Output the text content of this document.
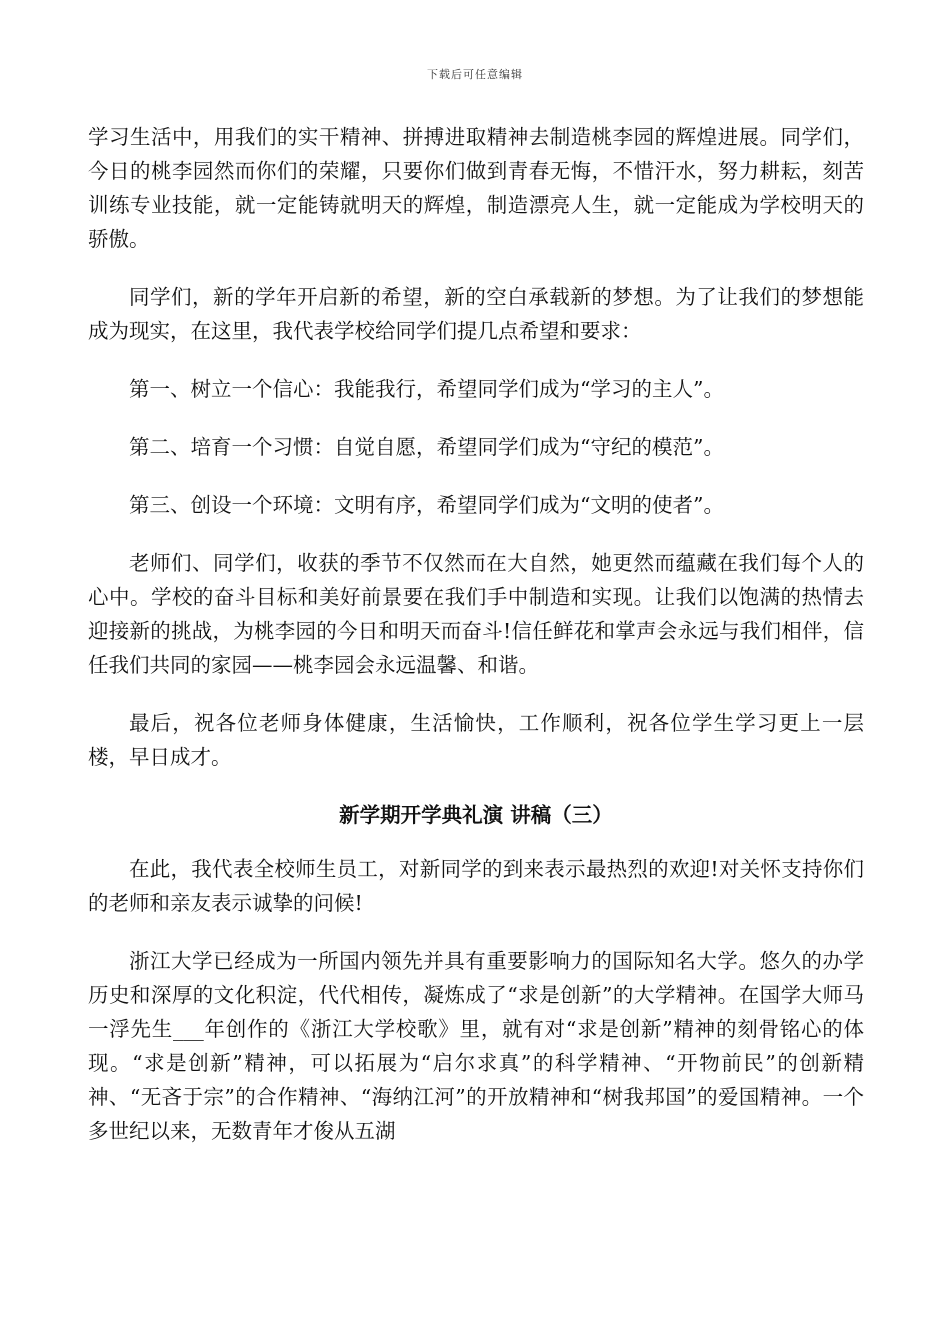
下载后可任意编辑

学习生活中，用我们的实干精神、拼搏进取精神去制造桃李园的辉煌进展。同学们，今日的桃李园然而你们的荣耀，只要你们做到青春无悔，不惜汗水，努力耕耘，刻苦训练专业技能，就一定能铸就明天的辉煌，制造漂亮人生，就一定能成为学校明天的骄傲。

同学们，新的学年开启新的希望，新的空白承载新的梦想。为了让我们的梦想能成为现实，在这里，我代表学校给同学们提几点希望和要求：

第一、树立一个信心：我能我行，希望同学们成为“学习的主人”。

第二、培育一个习惯：自觉自愿，希望同学们成为“守纪的模范”。

第三、创设一个环境：文明有序，希望同学们成为“文明的使者”。

老师们、同学们，收获的季节不仅然而在大自然，她更然而蕴藏在我们每个人的心中。学校的奋斗目标和美好前景要在我们手中制造和实现。让我们以饱满的热情去迎接新的挑战，为桃李园的今日和明天而奋斗!信任鲜花和掌声会永远与我们相伴，信任我们共同的家园——桃李园会永远温馨、和谐。

最后，祝各位老师身体健康，生活愉快，工作顺利，祝各位学生学习更上一层楼，早日成才。

新学期开学典礼演 讲稿（三）

在此，我代表全校师生员工，对新同学的到来表示最热烈的欢迎!对关怀支持你们的老师和亲友表示诚挚的问候!

浙江大学已经成为一所国内领先并具有重要影响力的国际知名大学。悠久的办学历史和深厚的文化积淀，代代相传，凝炼成了“求是创新”的大学精神。在国学大师马一浮先生___年创作的《浙江大学校歌》里，就有对“求是创新”精神的刻骨铭心的体现。“求是创新”精神，可以拓展为“启尔求真”的科学精神、“开物前民”的创新精神、“无吝于宗”的合作精神、“海纳江河”的开放精神和“树我邦国”的爱国精神。一个多世纪以来，无数青年才俊从五湖
